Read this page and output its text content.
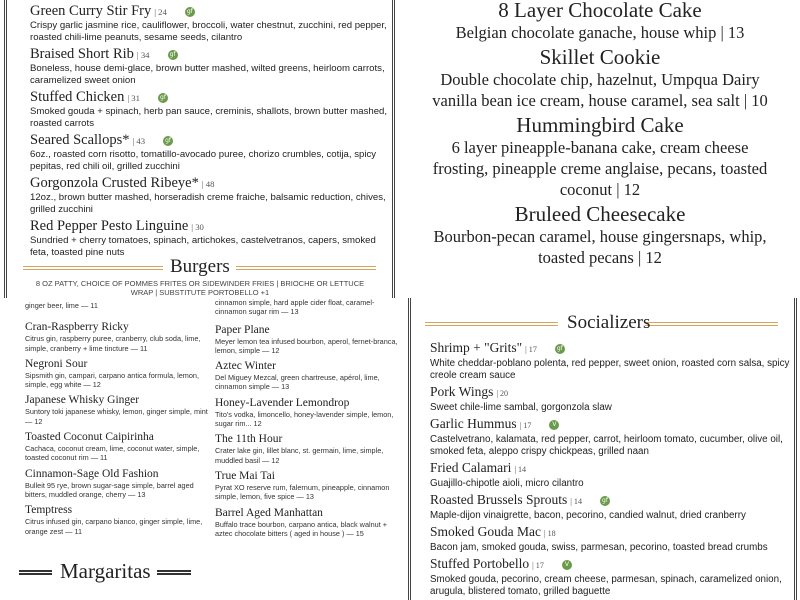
Green Curry Stir Fry | 24	gf
Crispy garlic jasmine rice, cauliflower, broccoli, water chestnut, zucchini, red pepper, roasted chili-lime peanuts, sesame seeds, cilantro
Braised Short Rib | 34	gf
Boneless, house demi-glace, brown butter mashed, wilted greens, heirloom carrots, caramelized sweet onion
Stuffed Chicken | 31	gf
Smoked gouda + spinach, herb pan sauce, creminis, shallots, brown butter mashed, roasted carrots
Seared Scallops* | 43	gf
6oz., roasted corn risotto, tomatillo-avocado puree, chorizo crumbles, cotija, spicy pepitas, red chili oil, grilled zucchini
Gorgonzola Crusted Ribeye* | 48
12oz., brown butter mashed, horseradish creme fraiche, balsamic reduction, chives, grilled zucchini
Red Pepper Pesto Linguine | 30
Sundried + cherry tomatoes, spinach, artichokes, castelvetranos, capers, smoked feta, toasted pine nuts
Burgers
8 OZ PATTY, CHOICE OF POMMES FRITES OR SIDEWINDER FRIES | BRIOCHE OR LETTUCE WRAP | SUBSTITUTE PORTOBELLO +1
8 Layer Chocolate Cake
Belgian chocolate ganache, house whip | 13
Skillet Cookie
Double chocolate chip, hazelnut, Umpqua Dairy vanilla bean ice cream, house caramel, sea salt | 10
Hummingbird Cake
6 layer pineapple-banana cake, cream cheese frosting, pineapple creme anglaise, pecans, toasted coconut | 12
Bruleed Cheesecake
Bourbon-pecan caramel, house gingersnaps, whip, toasted pecans | 12
ginger beer, lime — 11
Cran-Raspberry Ricky
Citrus gin, raspberry puree, cranberry, club soda, lime, simple, cranberry + lime tincture — 11
Negroni Sour
Sipsmith gin, campari, carpano antica formula, lemon, simple, egg white — 12
Japanese Whisky Ginger
Suntory toki japanese whisky, lemon, ginger simple, mint — 12
Toasted Coconut Caipirinha
Cachaca, coconut cream, lime, coconut water, simple, toasted coconut rim — 11
Cinnamon-Sage Old Fashion
Bulleit 95 rye, brown sugar-sage simple, barrel aged bitters, muddled orange, cherry — 13
Temptress
Citrus infused gin, carpano bianco, ginger simple, lime, orange zest — 11
cinnamon simple, hard apple cider float, caramel-cinnamon sugar rim — 13
Paper Plane
Meyer lemon tea infused bourbon, aperol, fernet-branca, lemon, simple — 12
Aztec Winter
Del Miguey Mezcal, green chartreuse, apérol, lime, cinnamon simple — 13
Honey-Lavender Lemondrop
Tito's vodka, limoncello, honey-lavender simple, lemon, sugar rim... 12
The 11th Hour
Crater lake gin, lillet blanc, st. germain, lime, simple, muddled basil — 12
True Mai Tai
Pyrat XO reserve rum, falernum, pineapple, cinnamon simple, lemon, five spice — 13
Barrel Aged Manhattan
Buffalo trace bourbon, carpano antica, black walnut + aztec chocolate bitters ( aged in house ) — 15
Margaritas
Socializers
Shrimp + "Grits" | 17	gf
White cheddar-poblano polenta, red pepper, sweet onion, roasted corn salsa, spicy creole cream sauce
Pork Wings | 20
Sweet chile-lime sambal, gorgonzola slaw
Garlic Hummus | 17	V
Castelvetrano, kalamata, red pepper, carrot, heirloom tomato, cucumber, olive oil, smoked feta, aleppo crispy chickpeas, grilled naan
Fried Calamari | 14
Guajillo-chipotle aioli, micro cilantro
Roasted Brussels Sprouts | 14	gf
Maple-dijon vinaigrette, bacon, pecorino, candied walnut, dried cranberry
Smoked Gouda Mac | 18
Bacon jam, smoked gouda, swiss, parmesan, pecorino, toasted bread crumbs
Stuffed Portobello | 17	V
Smoked gouda, pecorino, cream cheese, parmesan, spinach, caramelized onion, arugula, blistered tomato, grilled baguette
